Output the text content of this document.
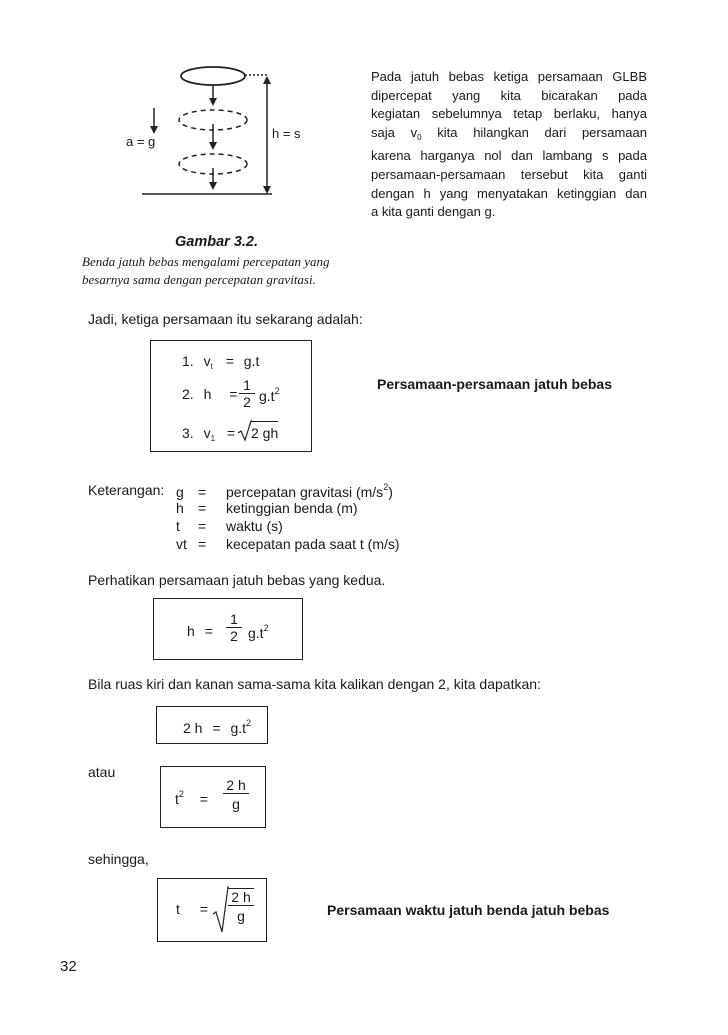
a = g
h = s
Pada jatuh bebas ketiga persamaan GLBB
dipercepat yang kita bicarakan pada
kegiatan sebelumnya tetap berlaku, hanya
saja $v_0$ kita hilangkan dari persamaan
karena harganya nol dan lambang s pada
persamaan-persamaan tersebut kita ganti
dengan h yang menyatakan ketinggian dan
a kita ganti dengan g.
Gambar 3.2.
Benda jatuh bebas mengalami percepatan yang
besarnya sama dengan percepatan gravitasi.
Jadi, ketiga persamaan itu sekarang adalah:
1. $v_t = g.t$
2. $h = \frac{1}{2} g.t^2$
3. $v_1 = 2$ gh
Persamaan-persamaan jatuh bebas
Keterangan: g = percepatan gravitasi $(m/s^2)$
h = ketinggian benda (m)
t = waktu (s)
vt = kecepatan pada saat t (m/s)
Perhatikan persamaan jatuh bebas yang kedua.
$h = \frac{1}{2} g.t^2$
Bila ruas kiri dan kanan sama-sama kita kalikan dengan 2, kita dapatkan:
2 $h = g.t^2$
atau
$t^2 = \frac{2 h}{g}$
sehingga,
$t = \frac{2 h}{g}$	Persamaan waktu jatuh benda jatuh bebas
32
